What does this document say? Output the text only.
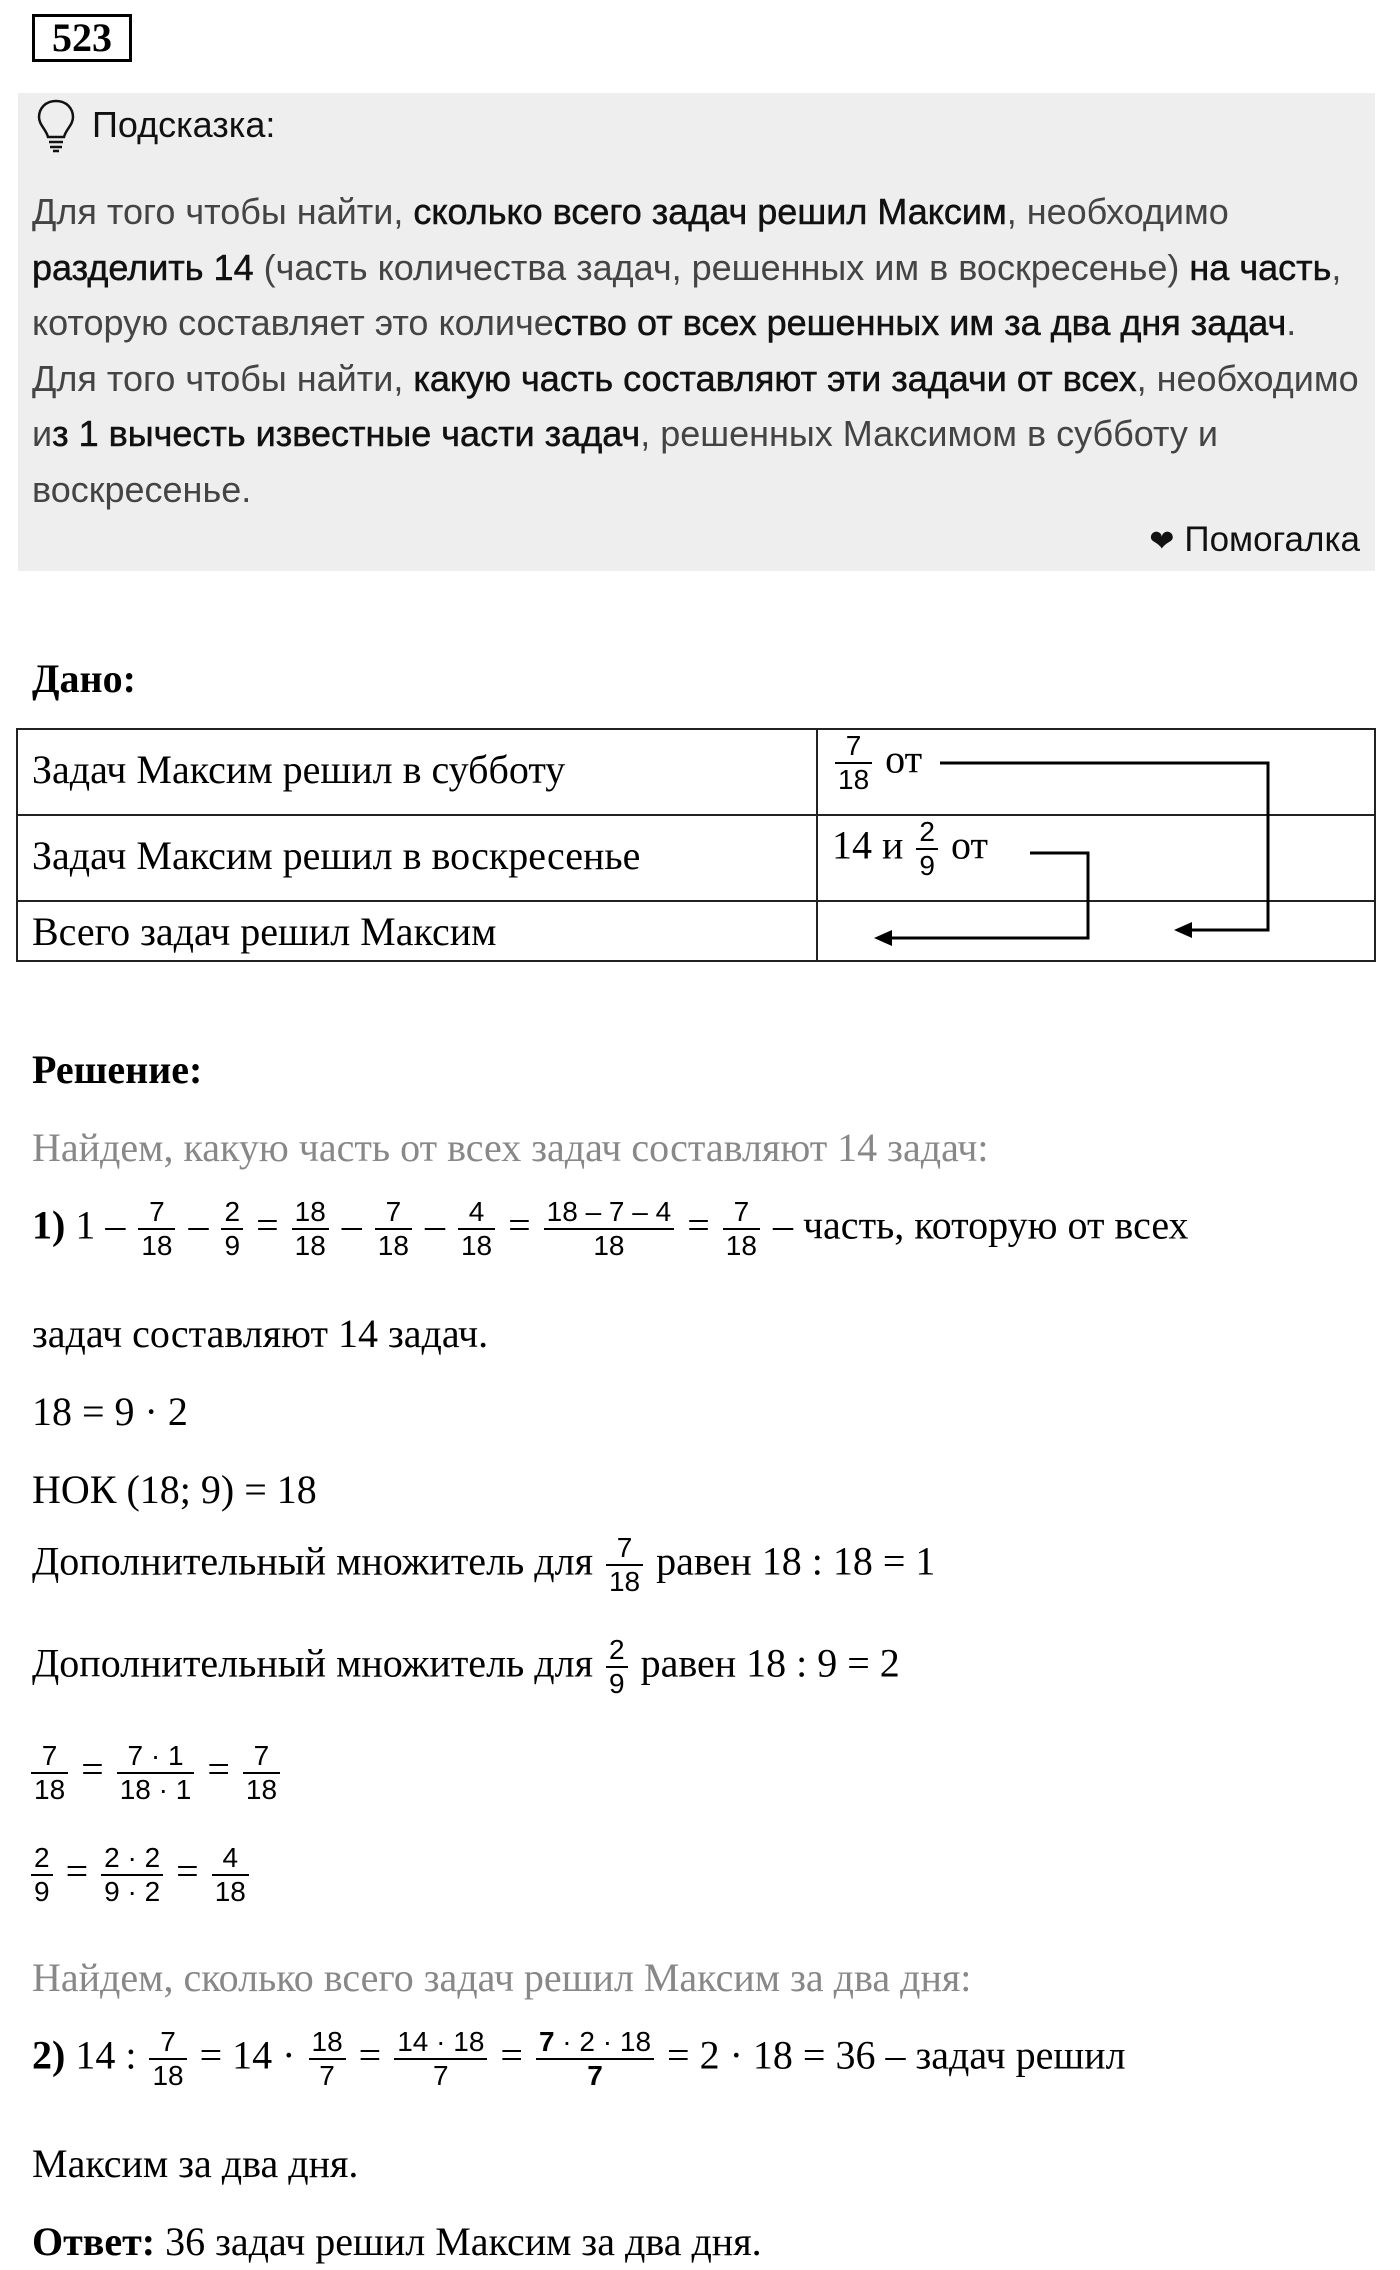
523
Подсказка:
Для того чтобы найти, сколько всего задач решил Максим, необходимо разделить 14 (часть количества задач, решенных им в воскресенье) на часть, которую составляет это количество от всех решенных им за два дня задач. Для того чтобы найти, какую часть составляют эти задачи от всех, необходимо из 1 вычесть известные части задач, решенных Максимом в субботу и воскресенье.
❤ Помогалка
Дано:
Задач Максим решил в субботу	$\frac{7}{18}$ от
Задач Максим решил в воскресенье	14 и $\frac{2}{9}$ от
Всего задач решил Максим
Решение:
Найдем, какую часть от всех задач составляют 14 задач:
1) $1 - \frac{7}{18} - \frac{2}{9} = \frac{18}{18} - \frac{7}{18} - \frac{4}{18} = \frac{18 - 7 - 4}{18} = \frac{7}{18}$ – часть, которую от всех
задач составляют 14 задач.
18 = 9 · 2
НОК (18; 9) = 18
Дополнительный множитель для $\frac{7}{18}$ равен 18 : 18 = 1
Дополнительный множитель для $\frac{2}{9}$ равен 18 : 9 = 2
$\frac{7}{18} = \frac{7 \cdot 1}{18 \cdot 1} = \frac{7}{18}$
$\frac{2}{9} = \frac{2 \cdot 2}{9 \cdot 2} = \frac{4}{18}$
Найдем, сколько всего задач решил Максим за два дня:
2) 14 : $\frac{7}{18} = 14 \cdot \frac{18}{7} = \frac{14 \cdot 18}{7} = \frac{7 \cdot 2 \cdot 18}{7} = 2 \cdot 18 = 36$ – задач решил
Максим за два дня.
Ответ: 36 задач решил Максим за два дня.
